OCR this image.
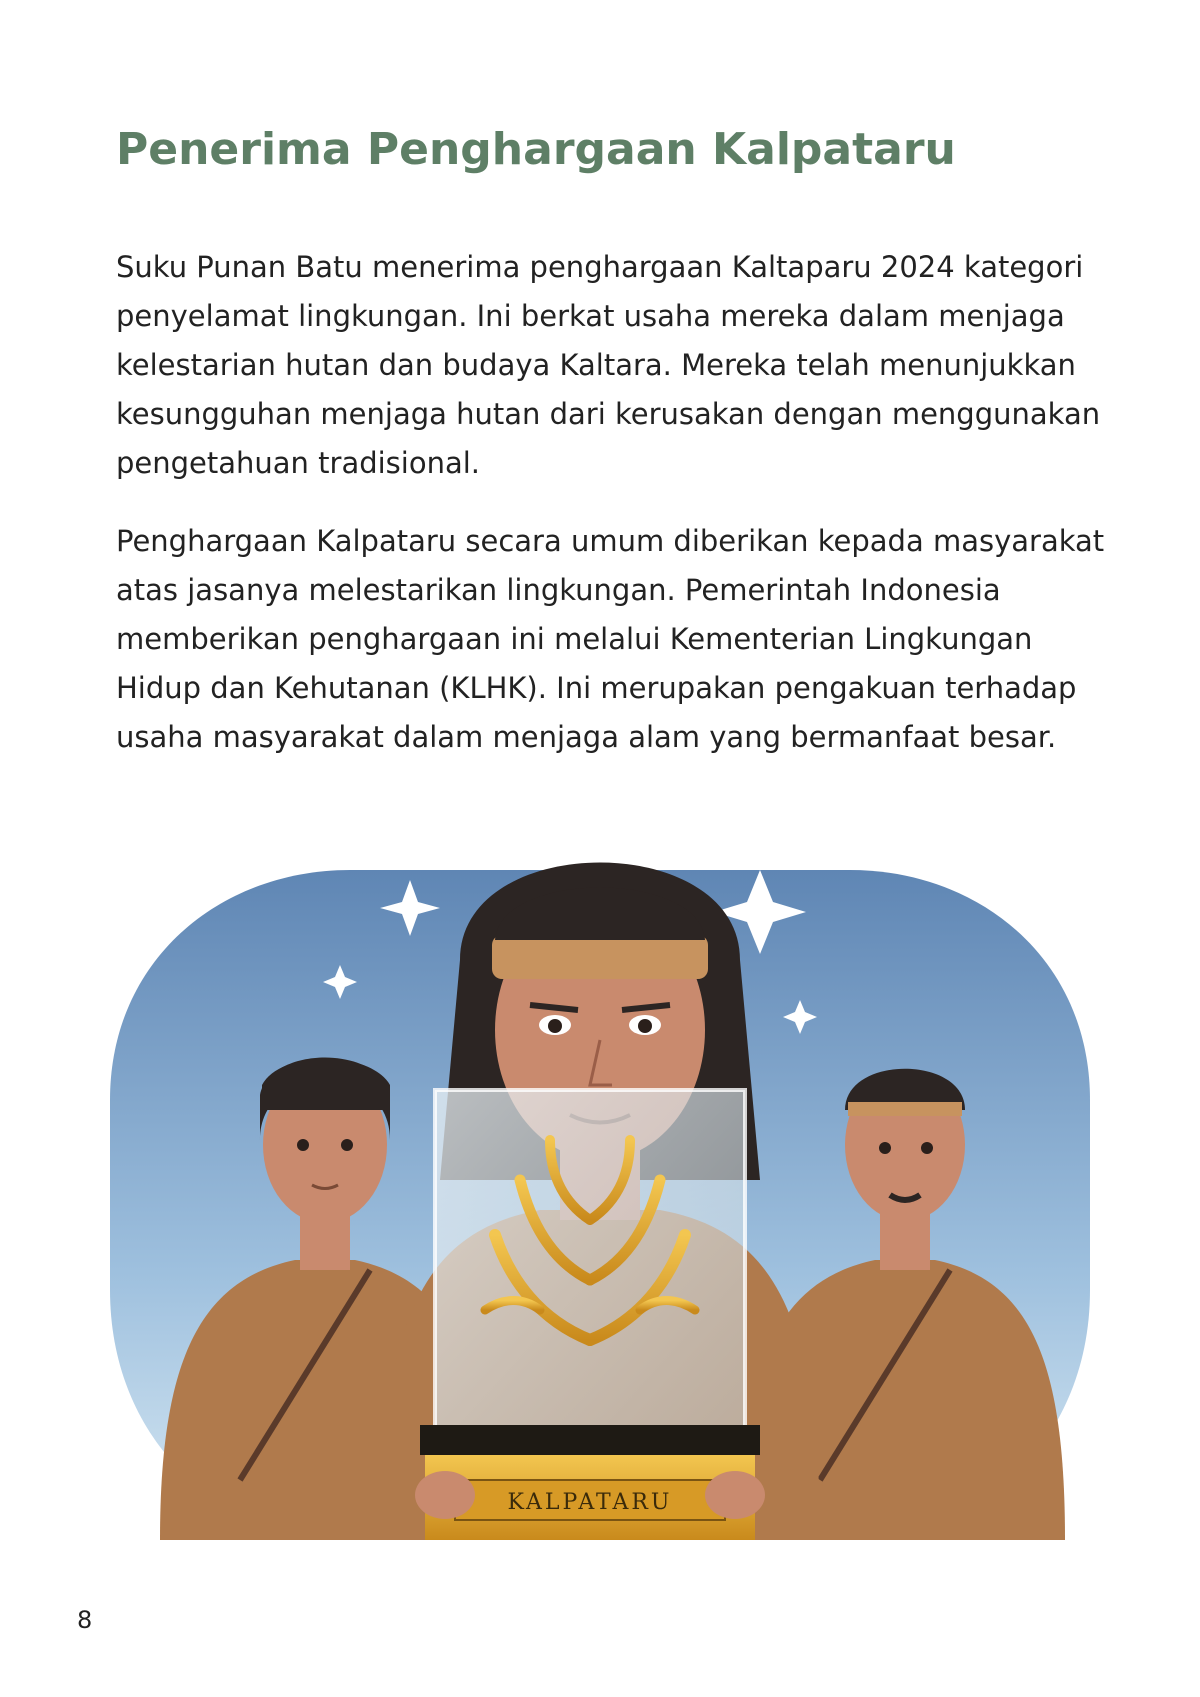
Penerima Penghargaan Kalpataru

Suku Punan Batu menerima penghargaan Kaltaparu 2024 kategori penyelamat lingkungan. Ini berkat usaha mereka dalam menjaga kelestarian hutan dan budaya Kaltara. Mereka telah menunjukkan kesungguhan menjaga hutan dari kerusakan dengan menggunakan pengetahuan tradisional.

Penghargaan Kalpataru secara umum diberikan kepada masyarakat atas jasanya melestarikan lingkungan. Pemerintah Indonesia memberikan penghargaan ini melalui Kementerian Lingkungan Hidup dan Kehutanan (KLHK). Ini merupakan pengakuan terhadap usaha masyarakat dalam menjaga alam yang bermanfaat besar.

KALPATARU
8
